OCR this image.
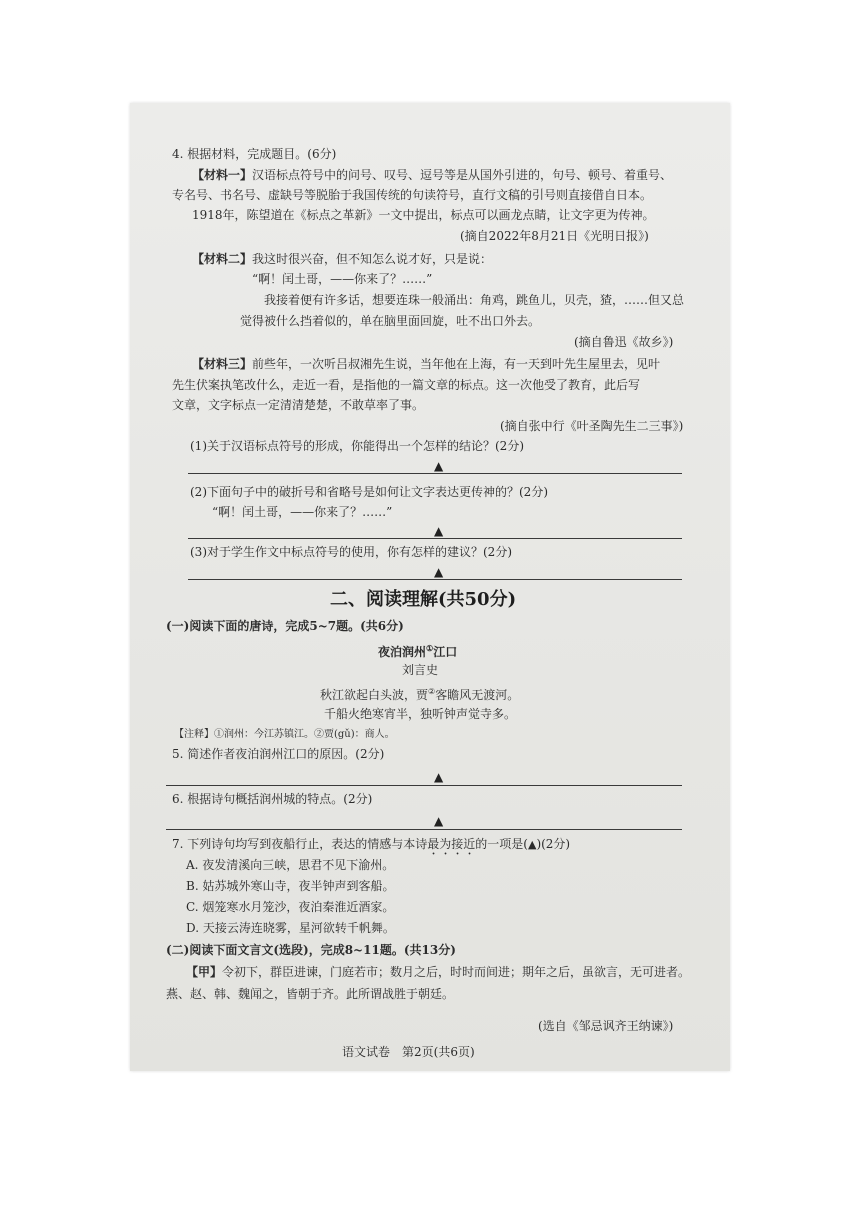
4. 根据材料，完成题目。(6分)
【材料一】汉语标点符号中的问号、叹号、逗号等是从国外引进的，句号、顿号、着重号、
专名号、书名号、虚缺号等脱胎于我国传统的句读符号，直行文稿的引号则直接借自日本。
1918年，陈望道在《标点之革新》一文中提出，标点可以画龙点睛，让文字更为传神。
(摘自2022年8月21日《光明日报》)
【材料二】我这时很兴奋，但不知怎么说才好，只是说：
“啊！闰土哥，——你来了？……”
我接着便有许多话，想要连珠一般涌出：角鸡，跳鱼儿，贝壳，猹，……但又总
觉得被什么挡着似的，单在脑里面回旋，吐不出口外去。
(摘自鲁迅《故乡》)
【材料三】前些年，一次听吕叔湘先生说，当年他在上海，有一天到叶先生屋里去，见叶
先生伏案执笔改什么，走近一看，是指他的一篇文章的标点。这一次他受了教育，此后写
文章，文字标点一定清清楚楚，不敢草率了事。
(摘自张中行《叶圣陶先生二三事》)
(1)关于汉语标点符号的形成，你能得出一个怎样的结论？(2分)
▲
(2)下面句子中的破折号和省略号是如何让文字表达更传神的？(2分)
“啊！闰土哥，——你来了？……”
▲
(3)对于学生作文中标点符号的使用，你有怎样的建议？(2分)
▲
二、阅读理解(共50分)
(一)阅读下面的唐诗，完成5~7题。(共6分)
夜泊润州①江口
刘言史
秋江欲起白头波，贾②客瞻风无渡河。
千船火绝寒宵半，独听钟声觉寺多。
【注释】①润州：今江苏镇江。②贾(gǔ)：商人。
5. 简述作者夜泊润州江口的原因。(2分)
▲
6. 根据诗句概括润州城的特点。(2分)
▲
7. 下列诗句均写到夜船行止，表达的情感与本诗最为接近的一项是(▲)(2分)
A. 夜发清溪向三峡，思君不见下渝州。
B. 姑苏城外寒山寺，夜半钟声到客船。
C. 烟笼寒水月笼沙，夜泊秦淮近酒家。
D. 天接云涛连晓雾，星河欲转千帆舞。
(二)阅读下面文言文(选段)，完成8~11题。(共13分)
【甲】令初下，群臣进谏，门庭若市；数月之后，时时而间进；期年之后，虽欲言，无可进者。
燕、赵、韩、魏闻之，皆朝于齐。此所谓战胜于朝廷。
(选自《邹忌讽齐王纳谏》)
语文试卷　第2页(共6页)
